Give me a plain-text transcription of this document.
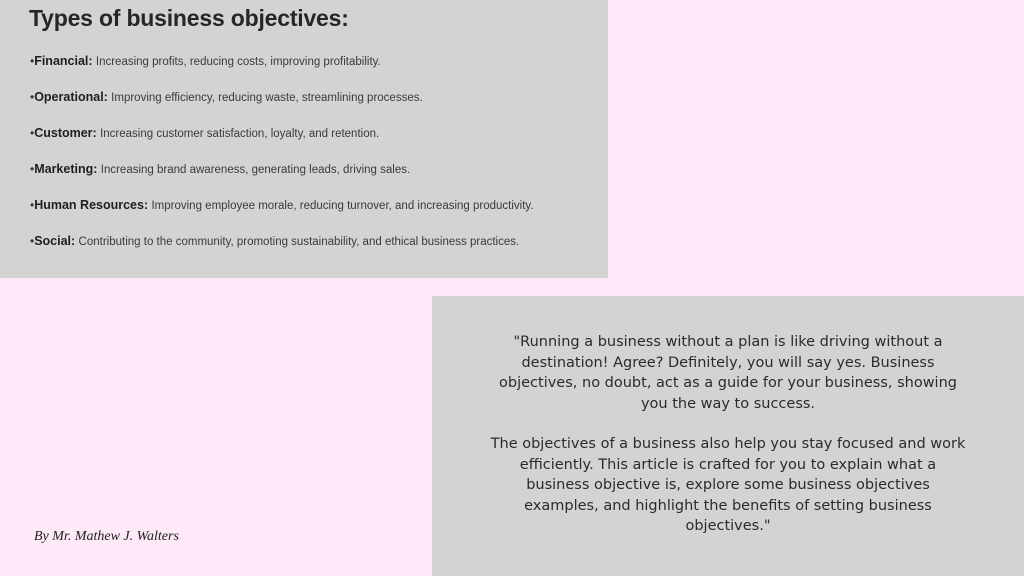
Types of business objectives:
•Financial: Increasing profits, reducing costs, improving profitability.
•Operational: Improving efficiency, reducing waste, streamlining processes.
•Customer: Increasing customer satisfaction, loyalty, and retention.
•Marketing: Increasing brand awareness, generating leads, driving sales.
•Human Resources: Improving employee morale, reducing turnover, and increasing productivity.
•Social: Contributing to the community, promoting sustainability, and ethical business practices.

"Running a business without a plan is like driving without a destination! Agree? Definitely, you will say yes. Business objectives, no doubt, act as a guide for your business, showing you the way to success.

The objectives of a business also help you stay focused and work efficiently. This article is crafted for you to explain what a business objective is, explore some business objectives examples, and highlight the benefits of setting business objectives."

By Mr. Mathew J. Walters
